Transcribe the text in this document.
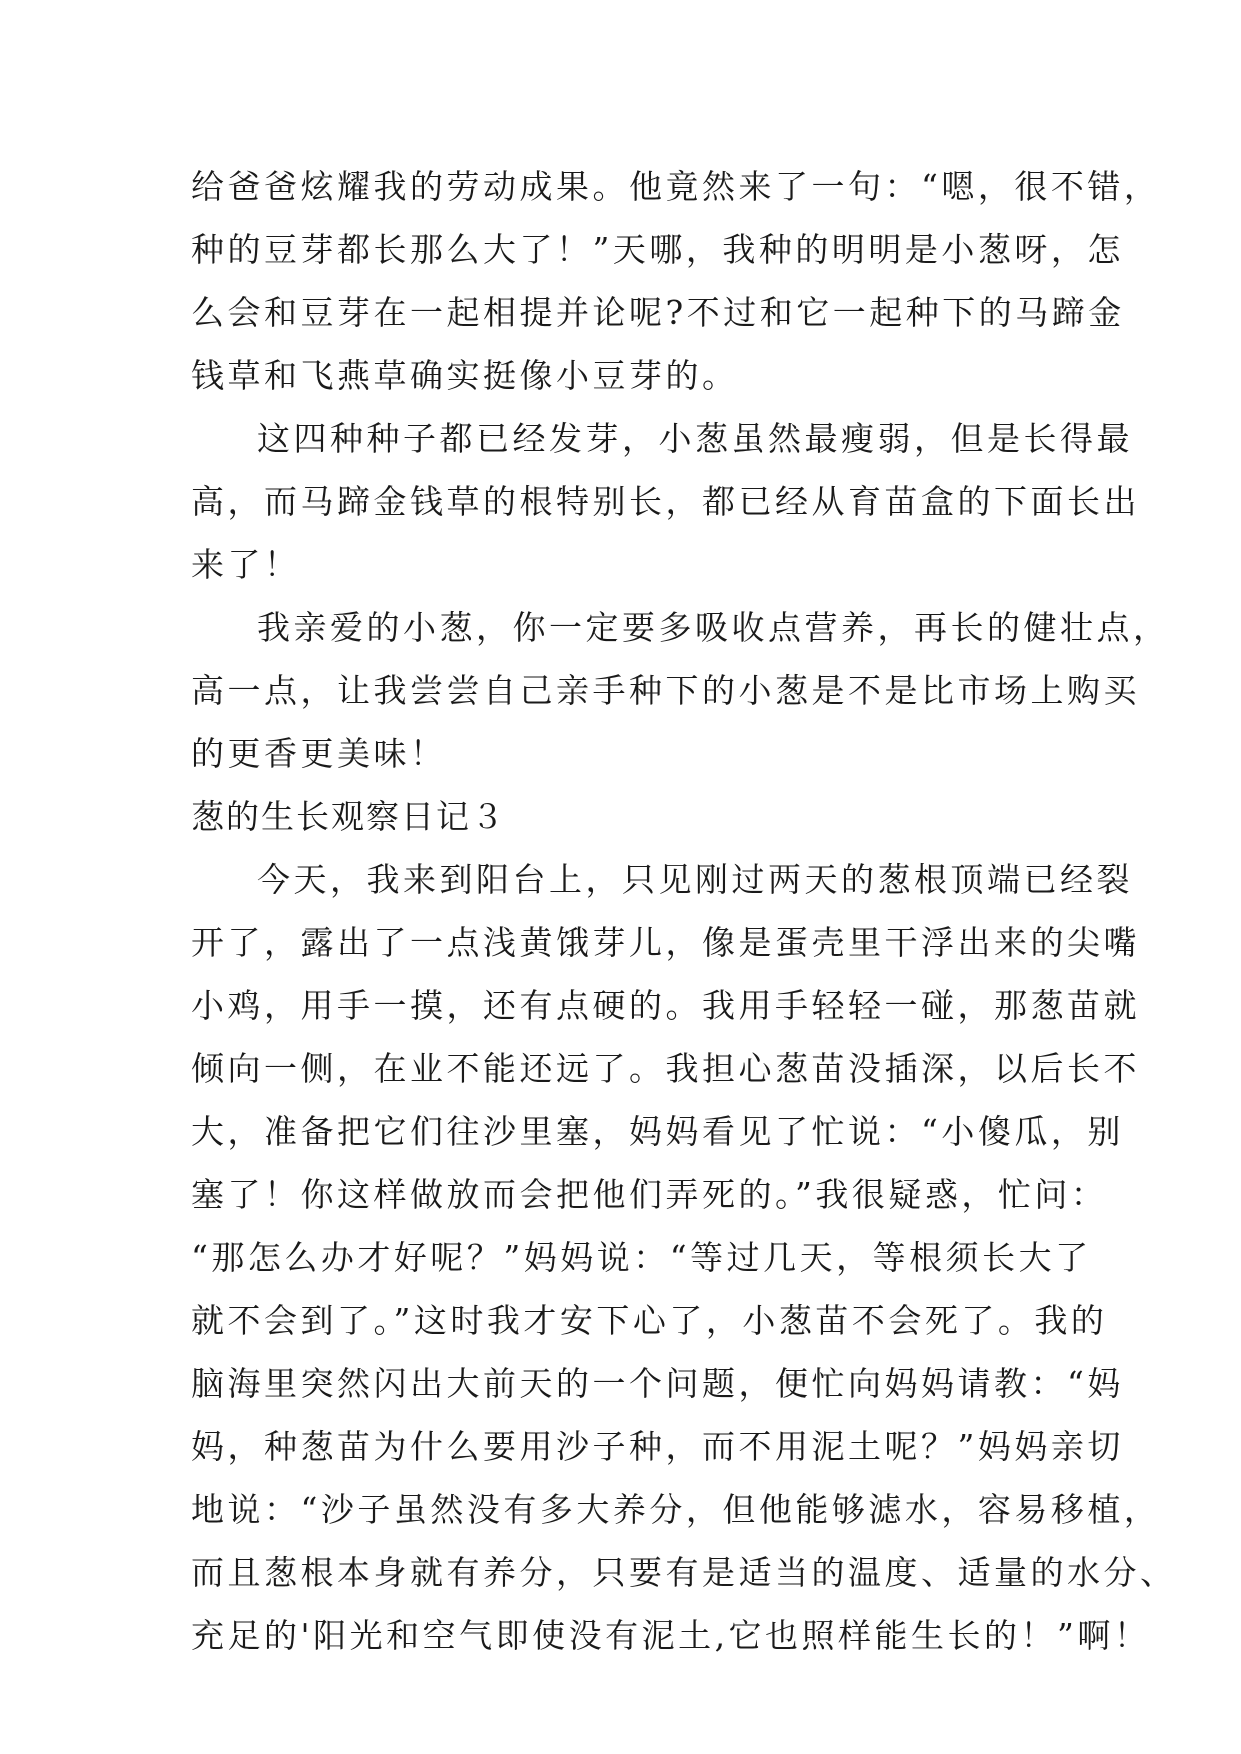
给爸爸炫耀我的劳动成果。他竟然来了一句：“嗯，很不错，
种的豆芽都长那么大了！”天哪，我种的明明是小葱呀，怎
么会和豆芽在一起相提并论呢?不过和它一起种下的马蹄金
钱草和飞燕草确实挺像小豆芽的。
这四种种子都已经发芽，小葱虽然最瘦弱，但是长得最
高，而马蹄金钱草的根特别长，都已经从育苗盒的下面长出
来了！
我亲爱的小葱，你一定要多吸收点营养，再长的健壮点，
高一点，让我尝尝自己亲手种下的小葱是不是比市场上购买
的更香更美味！
葱的生长观察日记３
今天，我来到阳台上，只见刚过两天的葱根顶端已经裂
开了，露出了一点浅黄饿芽儿，像是蛋壳里干浮出来的尖嘴
小鸡，用手一摸，还有点硬的。我用手轻轻一碰，那葱苗就
倾向一侧，在业不能还远了。我担心葱苗没插深，以后长不
大，准备把它们往沙里塞，妈妈看见了忙说：“小傻瓜，别
塞了！你这样做放而会把他们弄死的。”我很疑惑，忙问：
“那怎么办才好呢？”妈妈说：“等过几天，等根须长大了
就不会到了。”这时我才安下心了，小葱苗不会死了。我的
脑海里突然闪出大前天的一个问题，便忙向妈妈请教：“妈
妈，种葱苗为什么要用沙子种，而不用泥土呢？”妈妈亲切
地说：“沙子虽然没有多大养分，但他能够滤水，容易移植，
而且葱根本身就有养分，只要有是适当的温度、适量的水分、
充足的'阳光和空气即使没有泥土,它也照样能生长的！”啊！
